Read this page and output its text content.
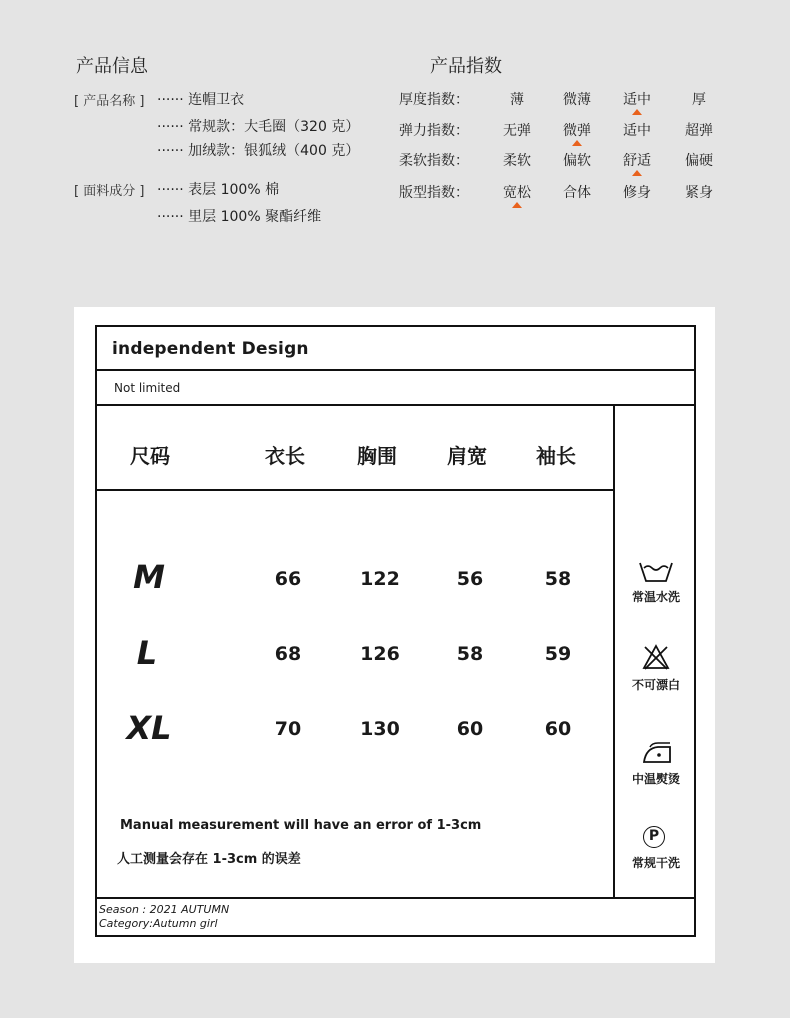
产品信息
[ 产品名称 ] ······ 连帽卫衣
······ 常规款：大毛圈（320 克）
······ 加绒款：银狐绒（400 克）
[ 面料成分 ] ······ 表层 100% 棉
······ 里层 100% 聚酯纤维
产品指数
厚度指数：	薄	微薄	适中	厚
弹力指数：	无弹	微弹	适中	超弹
柔软指数：	柔软	偏软	舒适	偏硬
版型指数：	宽松	合体	修身	紧身
independent Design
Not limited
尺码	衣长	胸围	肩宽	袖长
M	66	122	56	58
L	68	126	58	59
XL	70	130	60	60
Manual measurement will have an error of 1-3cm
人工测量会存在 1-3cm 的误差
常温水洗
不可漂白
中温熨烫
P
常规干洗
Season : 2021 AUTUMN
Category:Autumn girl
